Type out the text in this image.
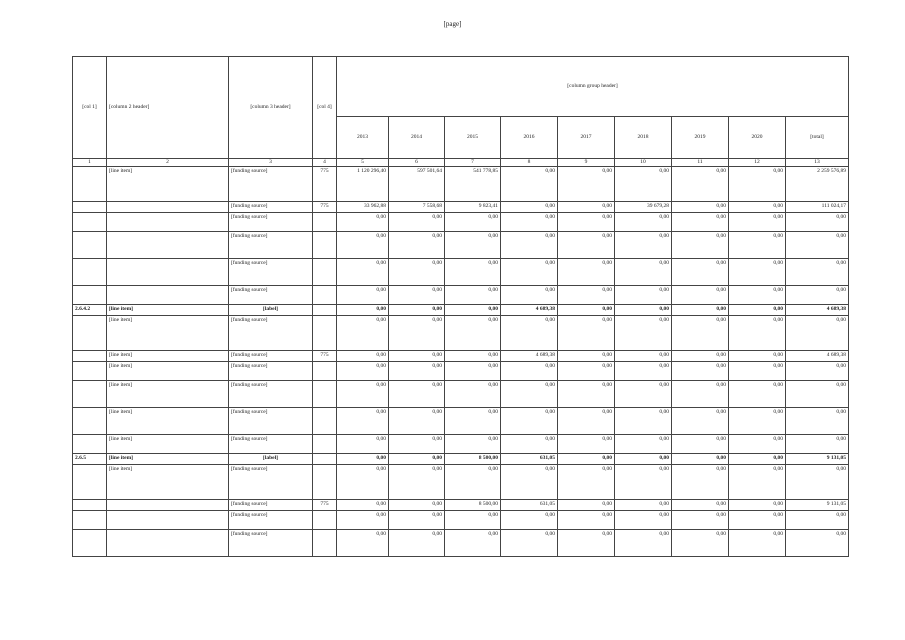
[page]
[col 1]	[column 2 header]	[column 3 header]	[col 4]	[column group header]								
				2013	2014	2015	2016	2017	2018	2019	2020	[total]
1	2	3	4	5	6	7	8	9	10	11	12	13
	[line item]	[funding source]	775	1 120 296,40	597 501,64	541 778,85	0,00	0,00	0,00	0,00	0,00	2 259 576,89
		[funding source]	775	33 962,88	7 558,68	9 823,41	0,00	0,00	39 679,28	0,00	0,00	111 024,17
		[funding source]		0,00	0,00	0,00	0,00	0,00	0,00	0,00	0,00	0,00
		[funding source]		0,00	0,00	0,00	0,00	0,00	0,00	0,00	0,00	0,00
		[funding source]		0,00	0,00	0,00	0,00	0,00	0,00	0,00	0,00	0,00
		[funding source]		0,00	0,00	0,00	0,00	0,00	0,00	0,00	0,00	0,00
2.6.4.2	[line item]	[label]		0,00	0,00	0,00	4 689,38	0,00	0,00	0,00	0,00	4 689,38
	[line item]	[funding source]		0,00	0,00	0,00	0,00	0,00	0,00	0,00	0,00	0,00
	[line item]	[funding source]	775	0,00	0,00	0,00	4 689,38	0,00	0,00	0,00	0,00	4 689,38
	[line item]	[funding source]		0,00	0,00	0,00	0,00	0,00	0,00	0,00	0,00	0,00
	[line item]	[funding source]		0,00	0,00	0,00	0,00	0,00	0,00	0,00	0,00	0,00
	[line item]	[funding source]		0,00	0,00	0,00	0,00	0,00	0,00	0,00	0,00	0,00
	[line item]	[funding source]		0,00	0,00	0,00	0,00	0,00	0,00	0,00	0,00	0,00
2.6.5	[line item]	[label]		0,00	0,00	8 500,00	631,05	0,00	0,00	0,00	0,00	9 131,05
	[line item]	[funding source]		0,00	0,00	0,00	0,00	0,00	0,00	0,00	0,00	0,00
		[funding source]	775	0,00	0,00	8 500,00	631,05	0,00	0,00	0,00	0,00	9 131,05
		[funding source]		0,00	0,00	0,00	0,00	0,00	0,00	0,00	0,00	0,00
		[funding source]		0,00	0,00	0,00	0,00	0,00	0,00	0,00	0,00	0,00
